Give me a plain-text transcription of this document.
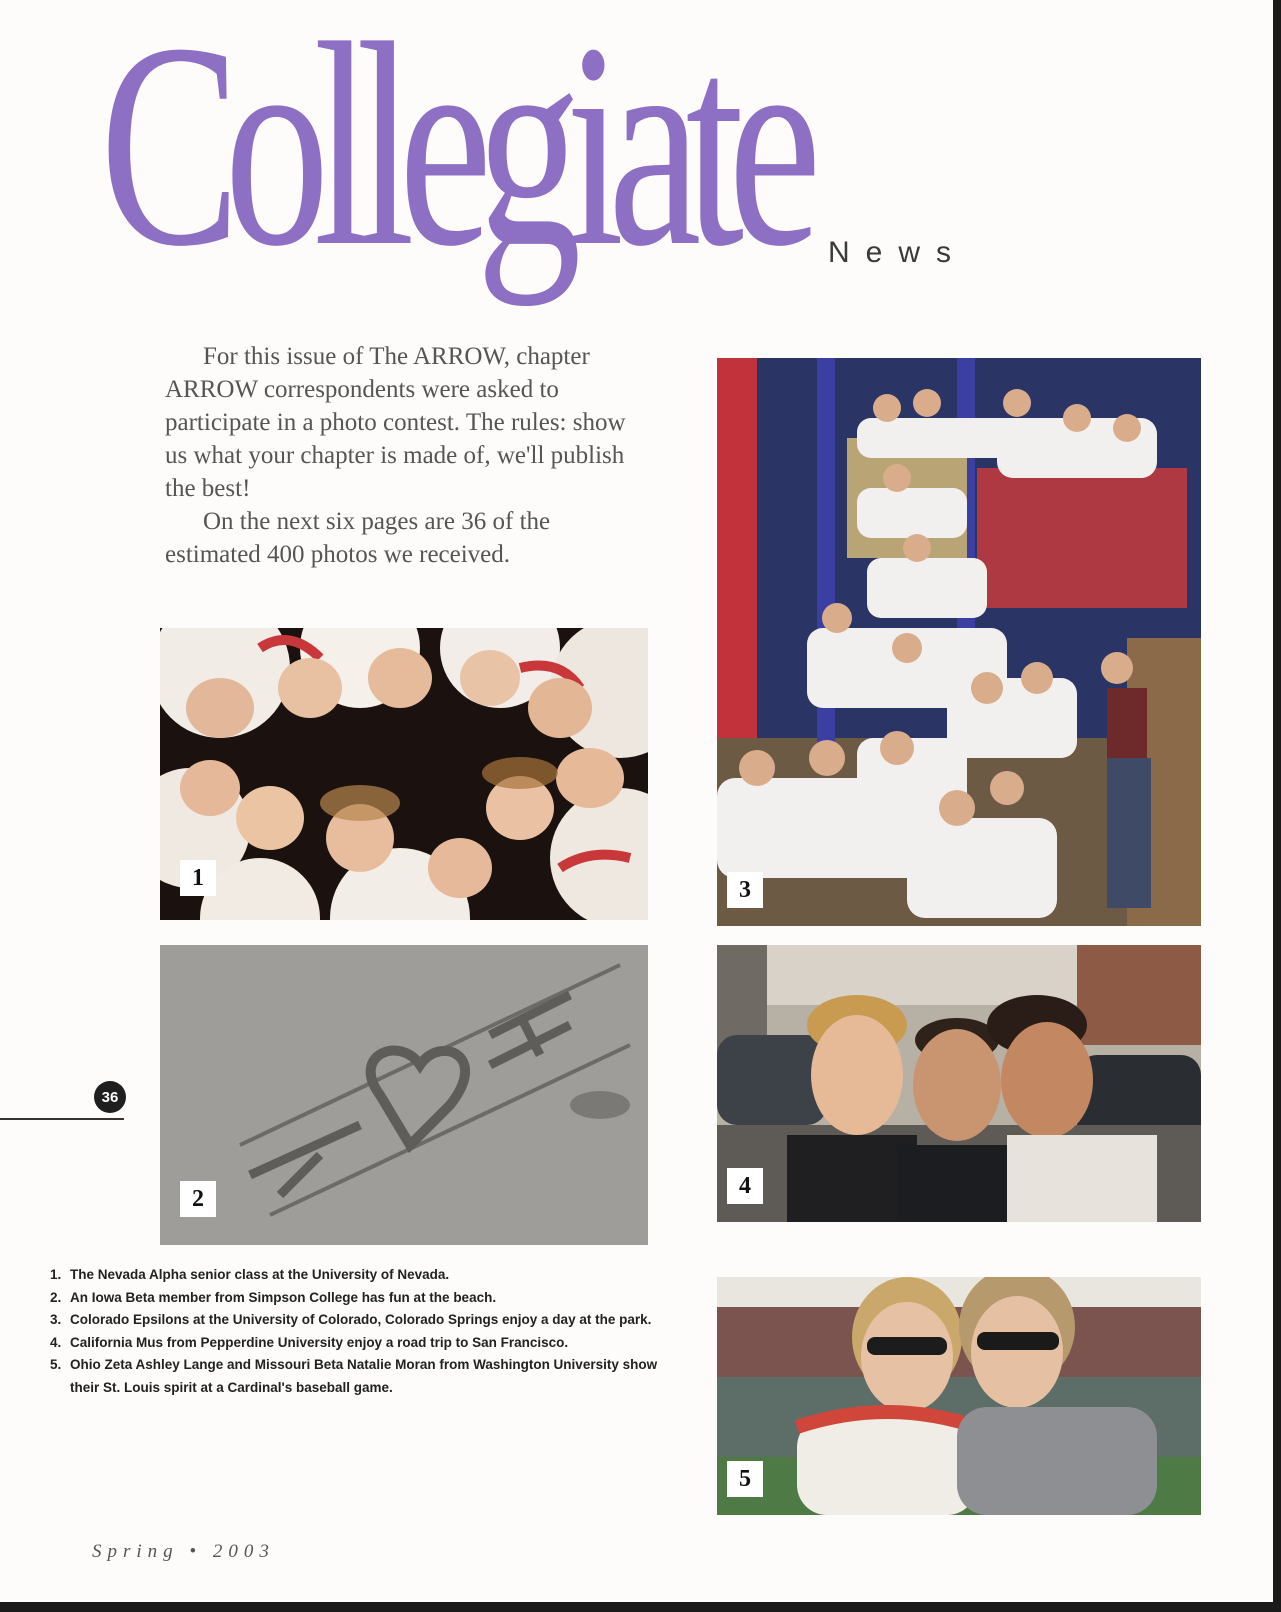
Collegiate News

For this issue of The ARROW, chapter ARROW correspondents were asked to participate in a photo contest. The rules: show us what your chapter is made of, we'll publish the best!

On the next six pages are 36 of the estimated 400 photos we received.

1
2
3
4
5
36
1. The Nevada Alpha senior class at the University of Nevada.
2. An Iowa Beta member from Simpson College has fun at the beach.
3. Colorado Epsilons at the University of Colorado, Colorado Springs enjoy a day at the park.
4. California Mus from Pepperdine University enjoy a road trip to San Francisco.
5. Ohio Zeta Ashley Lange and Missouri Beta Natalie Moran from Washington University show their St. Louis spirit at a Cardinal's baseball game.
Spring • 2003
